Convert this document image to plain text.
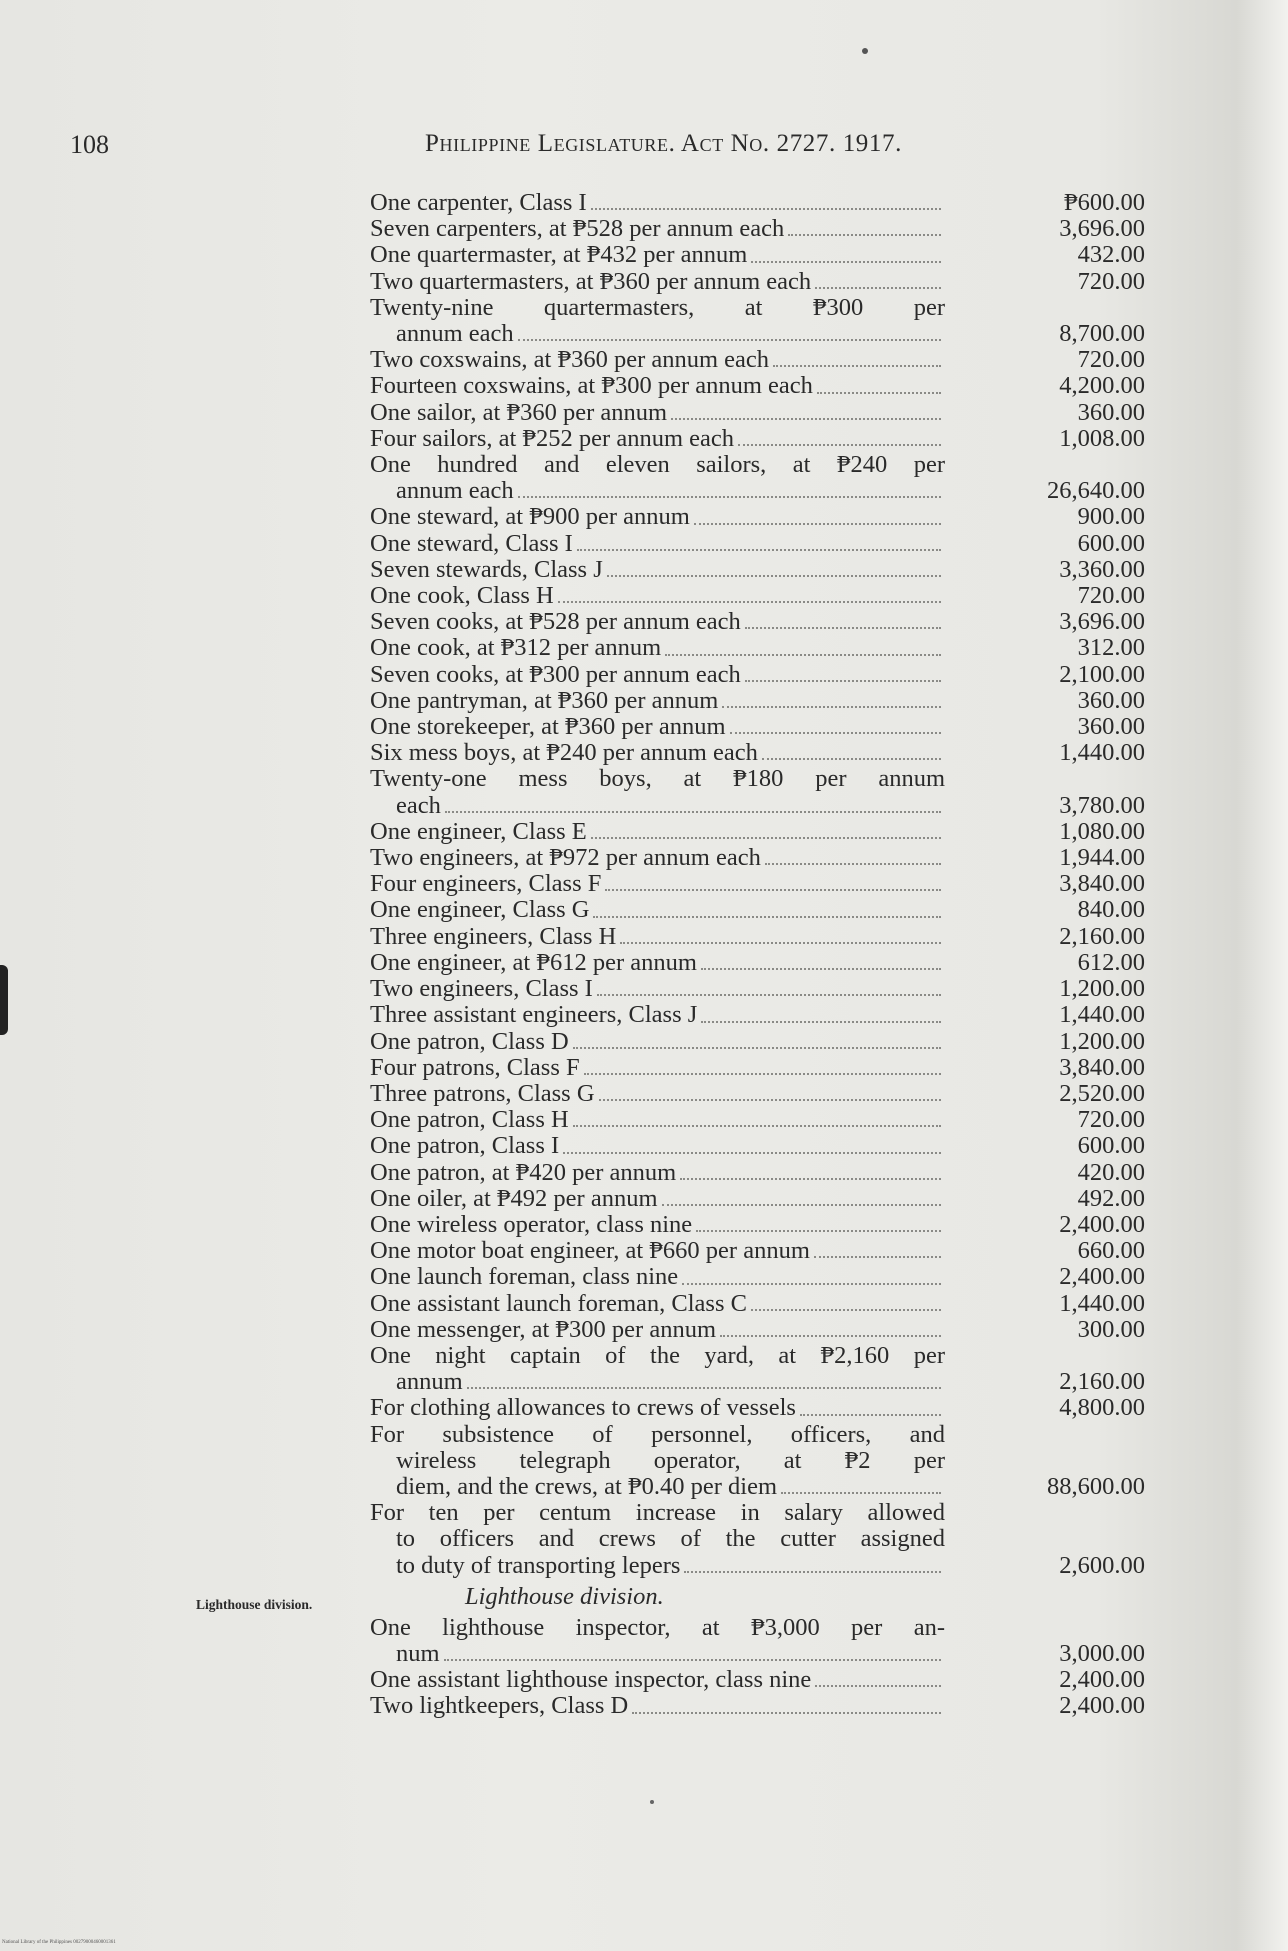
108	Philippine Legislature. Act No. 2727. 1917.
Lighthouse division.
One carpenter, Class I	₱600.00
Seven carpenters, at ₱528 per annum each	3,696.00
One quartermaster, at ₱432 per annum	432.00
Two quartermasters, at ₱360 per annum each	720.00
Twenty-nine quartermasters, at ₱300 per
annum each	8,700.00
Two coxswains, at ₱360 per annum each	720.00
Fourteen coxswains, at ₱300 per annum each	4,200.00
One sailor, at ₱360 per annum	360.00
Four sailors, at ₱252 per annum each	1,008.00
One hundred and eleven sailors, at ₱240 per
annum each	26,640.00
One steward, at ₱900 per annum	900.00
One steward, Class I	600.00
Seven stewards, Class J	3,360.00
One cook, Class H	720.00
Seven cooks, at ₱528 per annum each	3,696.00
One cook, at ₱312 per annum	312.00
Seven cooks, at ₱300 per annum each	2,100.00
One pantryman, at ₱360 per annum	360.00
One storekeeper, at ₱360 per annum	360.00
Six mess boys, at ₱240 per annum each	1,440.00
Twenty-one mess boys, at ₱180 per annum
each	3,780.00
One engineer, Class E	1,080.00
Two engineers, at ₱972 per annum each	1,944.00
Four engineers, Class F	3,840.00
One engineer, Class G	840.00
Three engineers, Class H	2,160.00
One engineer, at ₱612 per annum	612.00
Two engineers, Class I	1,200.00
Three assistant engineers, Class J	1,440.00
One patron, Class D	1,200.00
Four patrons, Class F	3,840.00
Three patrons, Class G	2,520.00
One patron, Class H	720.00
One patron, Class I	600.00
One patron, at ₱420 per annum	420.00
One oiler, at ₱492 per annum	492.00
One wireless operator, class nine	2,400.00
One motor boat engineer, at ₱660 per annum	660.00
One launch foreman, class nine	2,400.00
One assistant launch foreman, Class C	1,440.00
One messenger, at ₱300 per annum	300.00
One night captain of the yard, at ₱2,160 per
annum	2,160.00
For clothing allowances to crews of vessels	4,800.00
For subsistence of personnel, officers, and
wireless telegraph operator, at ₱2 per
diem, and the crews, at ₱0.40 per diem	88,600.00
For ten per centum increase in salary allowed
to officers and crews of the cutter assigned
to duty of transporting lepers	2,600.00
Lighthouse division.
One lighthouse inspector, at ₱3,000 per an-
num	3,000.00
One assistant lighthouse inspector, class nine	2,400.00
Two lightkeepers, Class D	2,400.00
National Library of the Philippines 00279000460001361
